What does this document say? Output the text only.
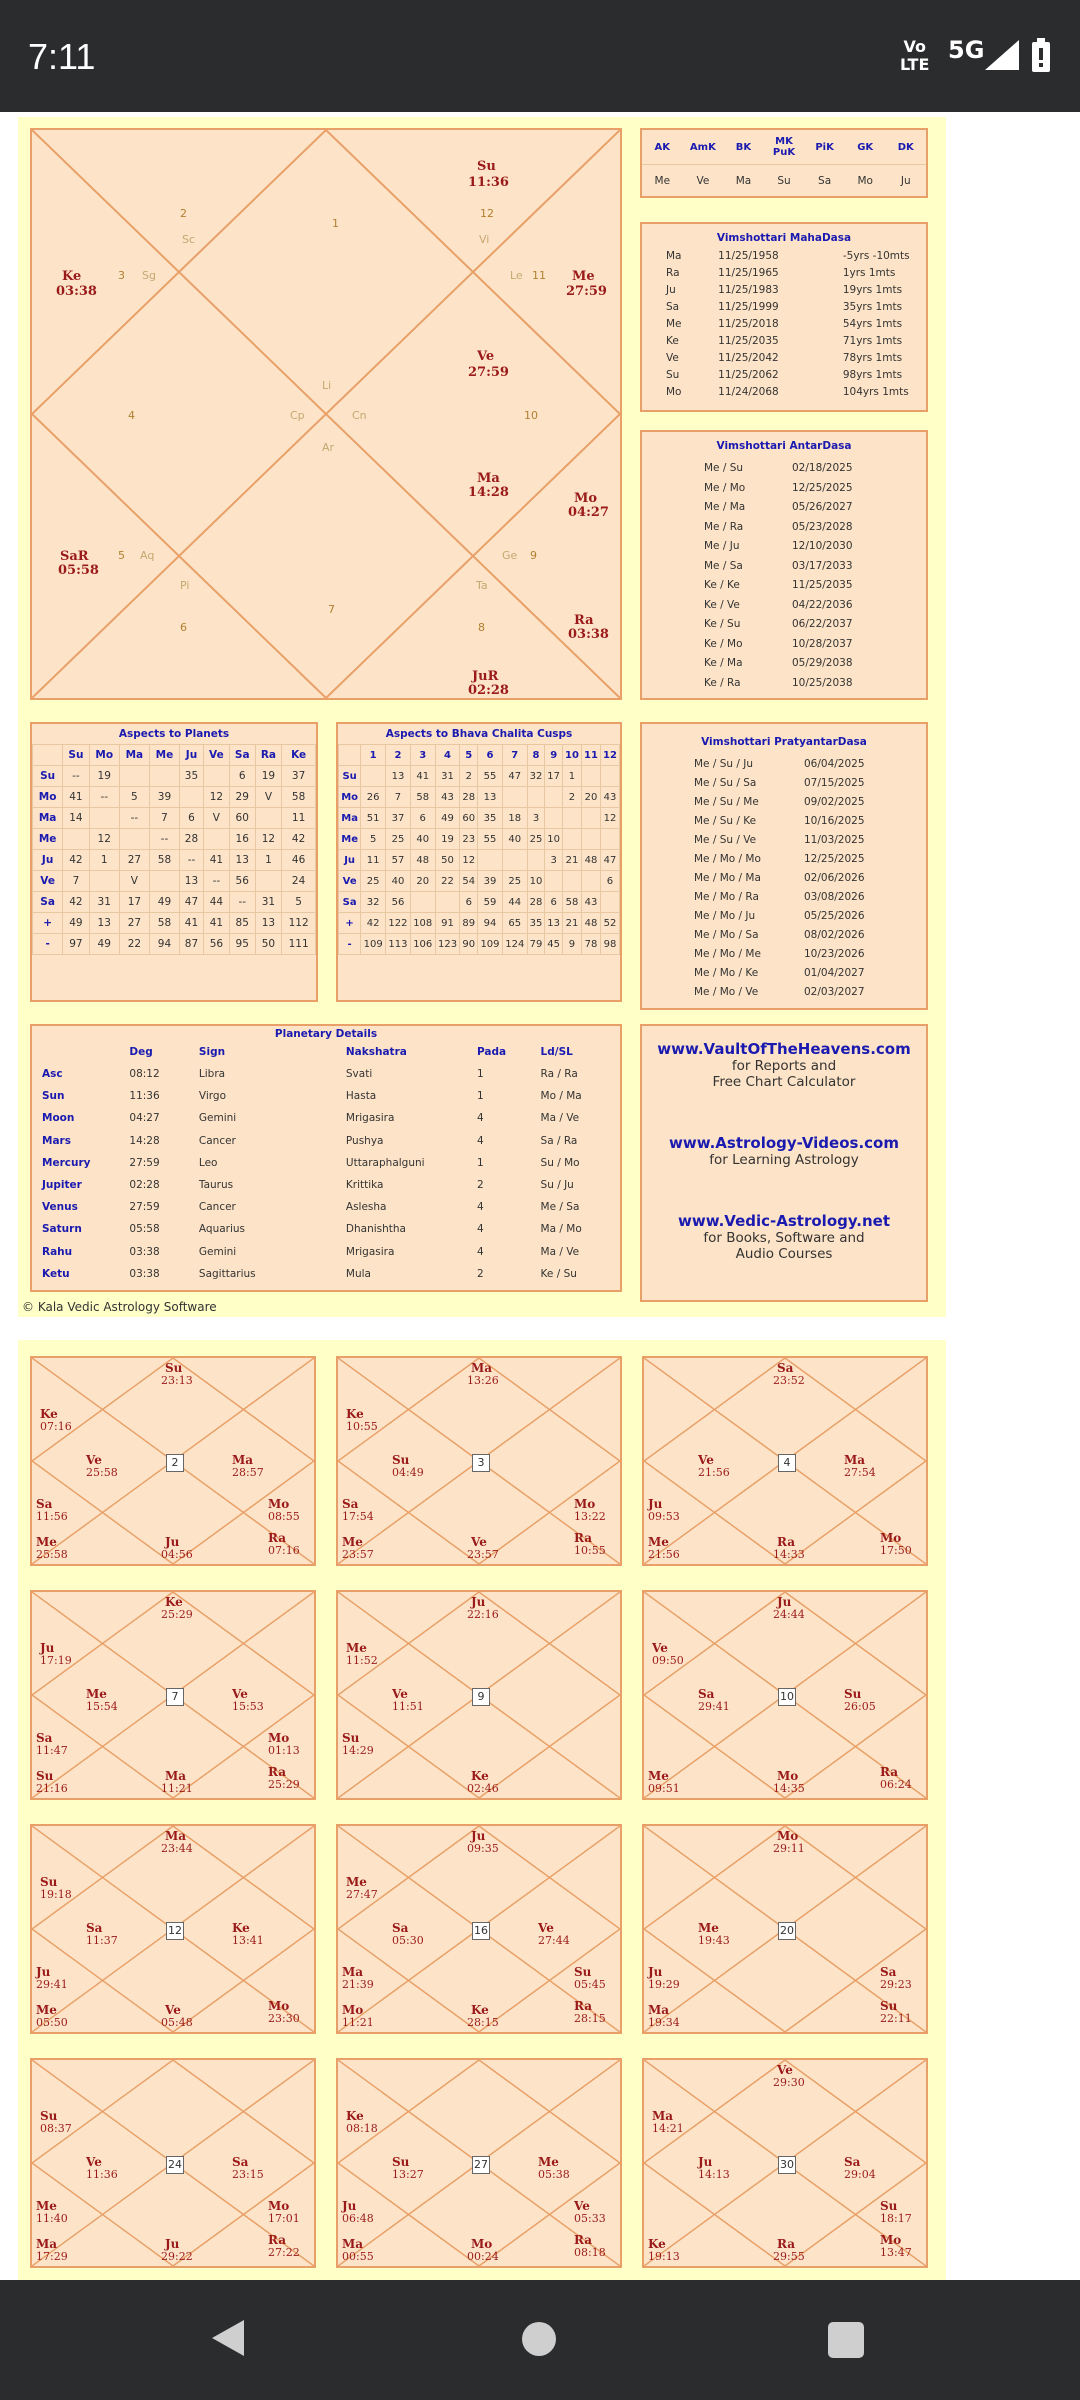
7:11	Vo
LTE
5G
Su
11:36
12
Vi
1
2
Sc
Ke
03:38
3 Sg	Le 11 Me
27:59
Ve
27:59
Li
4	Cp	Cn	10
Ar
Ma
14:28	Mo
04:27
SaR
05:58
5 Aq	Ge 9
Pi	Ta
7
6	8	Ra
03:38
JuR
02:28
AK	AmK	BK	MK PuK	PiK	GK	DK
Me	Ve	Ma	Su	Sa	Mo	Ju
Vimshottari MahaDasa
Ma	11/25/1958	-5yrs -10mts
Ra	11/25/1965	1yrs 1mts
Ju	11/25/1983	19yrs 1mts
Sa	11/25/1999	35yrs 1mts
Me	11/25/2018	54yrs 1mts
Ke	11/25/2035	71yrs 1mts
Ve	11/25/2042	78yrs 1mts
Su	11/25/2062	98yrs 1mts
Mo	11/24/2068	104yrs 1mts
Vimshottari AntarDasa
Me / Su	02/18/2025
Me / Mo	12/25/2025
Me / Ma	05/26/2027
Me / Ra	05/23/2028
Me / Ju	12/10/2030
Me / Sa	03/17/2033
Ke / Ke	11/25/2035
Ke / Ve	04/22/2036
Ke / Su	06/22/2037
Ke / Mo	10/28/2037
Ke / Ma	05/29/2038
Ke / Ra	10/25/2038
Aspects to Planets
	Su	Mo	Ma	Me	Ju	Ve	Sa	Ra	Ke
Su	--	19			35		6	19	37
Mo	41	--	5	39		12	29	V	58
Ma	14		--	7	6	V	60		11
Me		12		--	28		16	12	42
Ju	42	1	27	58	--	41	13	1	46
Ve	7		V		13	--	56		24
Sa	42	31	17	49	47	44	--	31	5
+	49	13	27	58	41	41	85	13	112
-	97	49	22	94	87	56	95	50	111
Aspects to Bhava Chalita Cusps
	1	2	3	4	5	6	7	8	9	10	11	12
Su		13	41	31	2	55	47	32	17	1		
Mo	26	7	58	43	28	13				2	20	43
Ma	51	37	6	49	60	35	18	3				12
Me	5	25	40	19	23	55	40	25	10			
Ju	11	57	48	50	12				3	21	48	47
Ve	25	40	20	22	54	39	25	10				6
Sa	32	56			6	59	44	28	6	58	43	
+	42	122	108	91	89	94	65	35	13	21	48	52
-	109	113	106	123	90	109	124	79	45	9	78	98
Vimshottari PratyantarDasa
Me / Su / Ju	06/04/2025
Me / Su / Sa	07/15/2025
Me / Su / Me	09/02/2025
Me / Su / Ke	10/16/2025
Me / Su / Ve	11/03/2025
Me / Mo / Mo	12/25/2025
Me / Mo / Ma	02/06/2026
Me / Mo / Ra	03/08/2026
Me / Mo / Ju	05/25/2026
Me / Mo / Sa	08/02/2026
Me / Mo / Me	10/23/2026
Me / Mo / Ke	01/04/2027
Me / Mo / Ve	02/03/2027
Planetary Details
Deg	Sign	Nakshatra	Pada	Ld/SL
Asc	08:12	Libra	Svati	1	Ra / Ra
Sun	11:36	Virgo	Hasta	1	Mo / Ma
Moon	04:27	Gemini	Mrigasira	4	Ma / Ve
Mars	14:28	Cancer	Pushya	4	Sa / Ra
Mercury	27:59	Leo	Uttaraphalguni	1	Su / Mo
Jupiter	02:28	Taurus	Krittika	2	Su / Ju
Venus	27:59	Cancer	Aslesha	4	Me / Sa
Saturn	05:58	Aquarius	Dhanishtha	4	Ma / Mo
Rahu	03:38	Gemini	Mrigasira	4	Ma / Ve
Ketu	03:38	Sagittarius	Mula	2	Ke / Su
www.VaultOfTheHeavens.com
for Reports and
Free Chart Calculator
www.Astrology-Videos.com
for Learning Astrology
www.Vedic-Astrology.net
for Books, Software and
Audio Courses
© Kala Vedic Astrology Software
2
Su
23:13
Ke
07:16
Ve
25:58
Ma
28:57
Sa
11:56
Mo
08:55
Me
25:58
Ra
07:16
Ju
04:56
3
Ma
13:26
Ke
10:55
Su
04:49
Sa
17:54
Mo
13:22
Me
23:57
Ra
10:55
Ve
23:57
4
Sa
23:52
Ve
21:56
Ma
27:54
Ju
09:53
Me
21:56
Mo
17:50
Ra
14:33
7
Ke
25:29
Ju
17:19
Me
15:54
Ve
15:53
Sa
11:47
Mo
01:13
Su
21:16
Ra
25:29
Ma
11:21
9
Ju
22:16
Me
11:52
Ve
11:51
Su
14:29
Ke
02:46
10
Ju
24:44
Ve
09:50
Sa
29:41
Su
26:05
Me
09:51
Ra
06:24
Mo
14:35
12
Ma
23:44
Su
19:18
Sa
11:37
Ke
13:41
Ju
29:41
Me
05:50
Mo
23:30
Ve
05:48
16
Ju
09:35
Me
27:47
Sa
05:30
Ve
27:44
Ma
21:39
Su
05:45
Mo
11:21
Ra
28:15
Ke
28:15
20
Mo
29:11
Me
19:43
Ju
19:29
Sa
29:23
Ma
19:34
Su
22:11
24
Su
08:37
Ve
11:36
Sa
23:15
Me
11:40
Mo
17:01
Ma
17:29
Ra
27:22
Ju
29:22
27
Ke
08:18
Su
13:27
Me
05:38
Ju
06:48
Ve
05:33
Ma
00:55
Ra
08:18
Mo
00:24
30
Ve
29:30
Ma
14:21
Ju
14:13
Sa
29:04
Su
18:17
Ke
19:13
Mo
13:47
Ra
29:55
